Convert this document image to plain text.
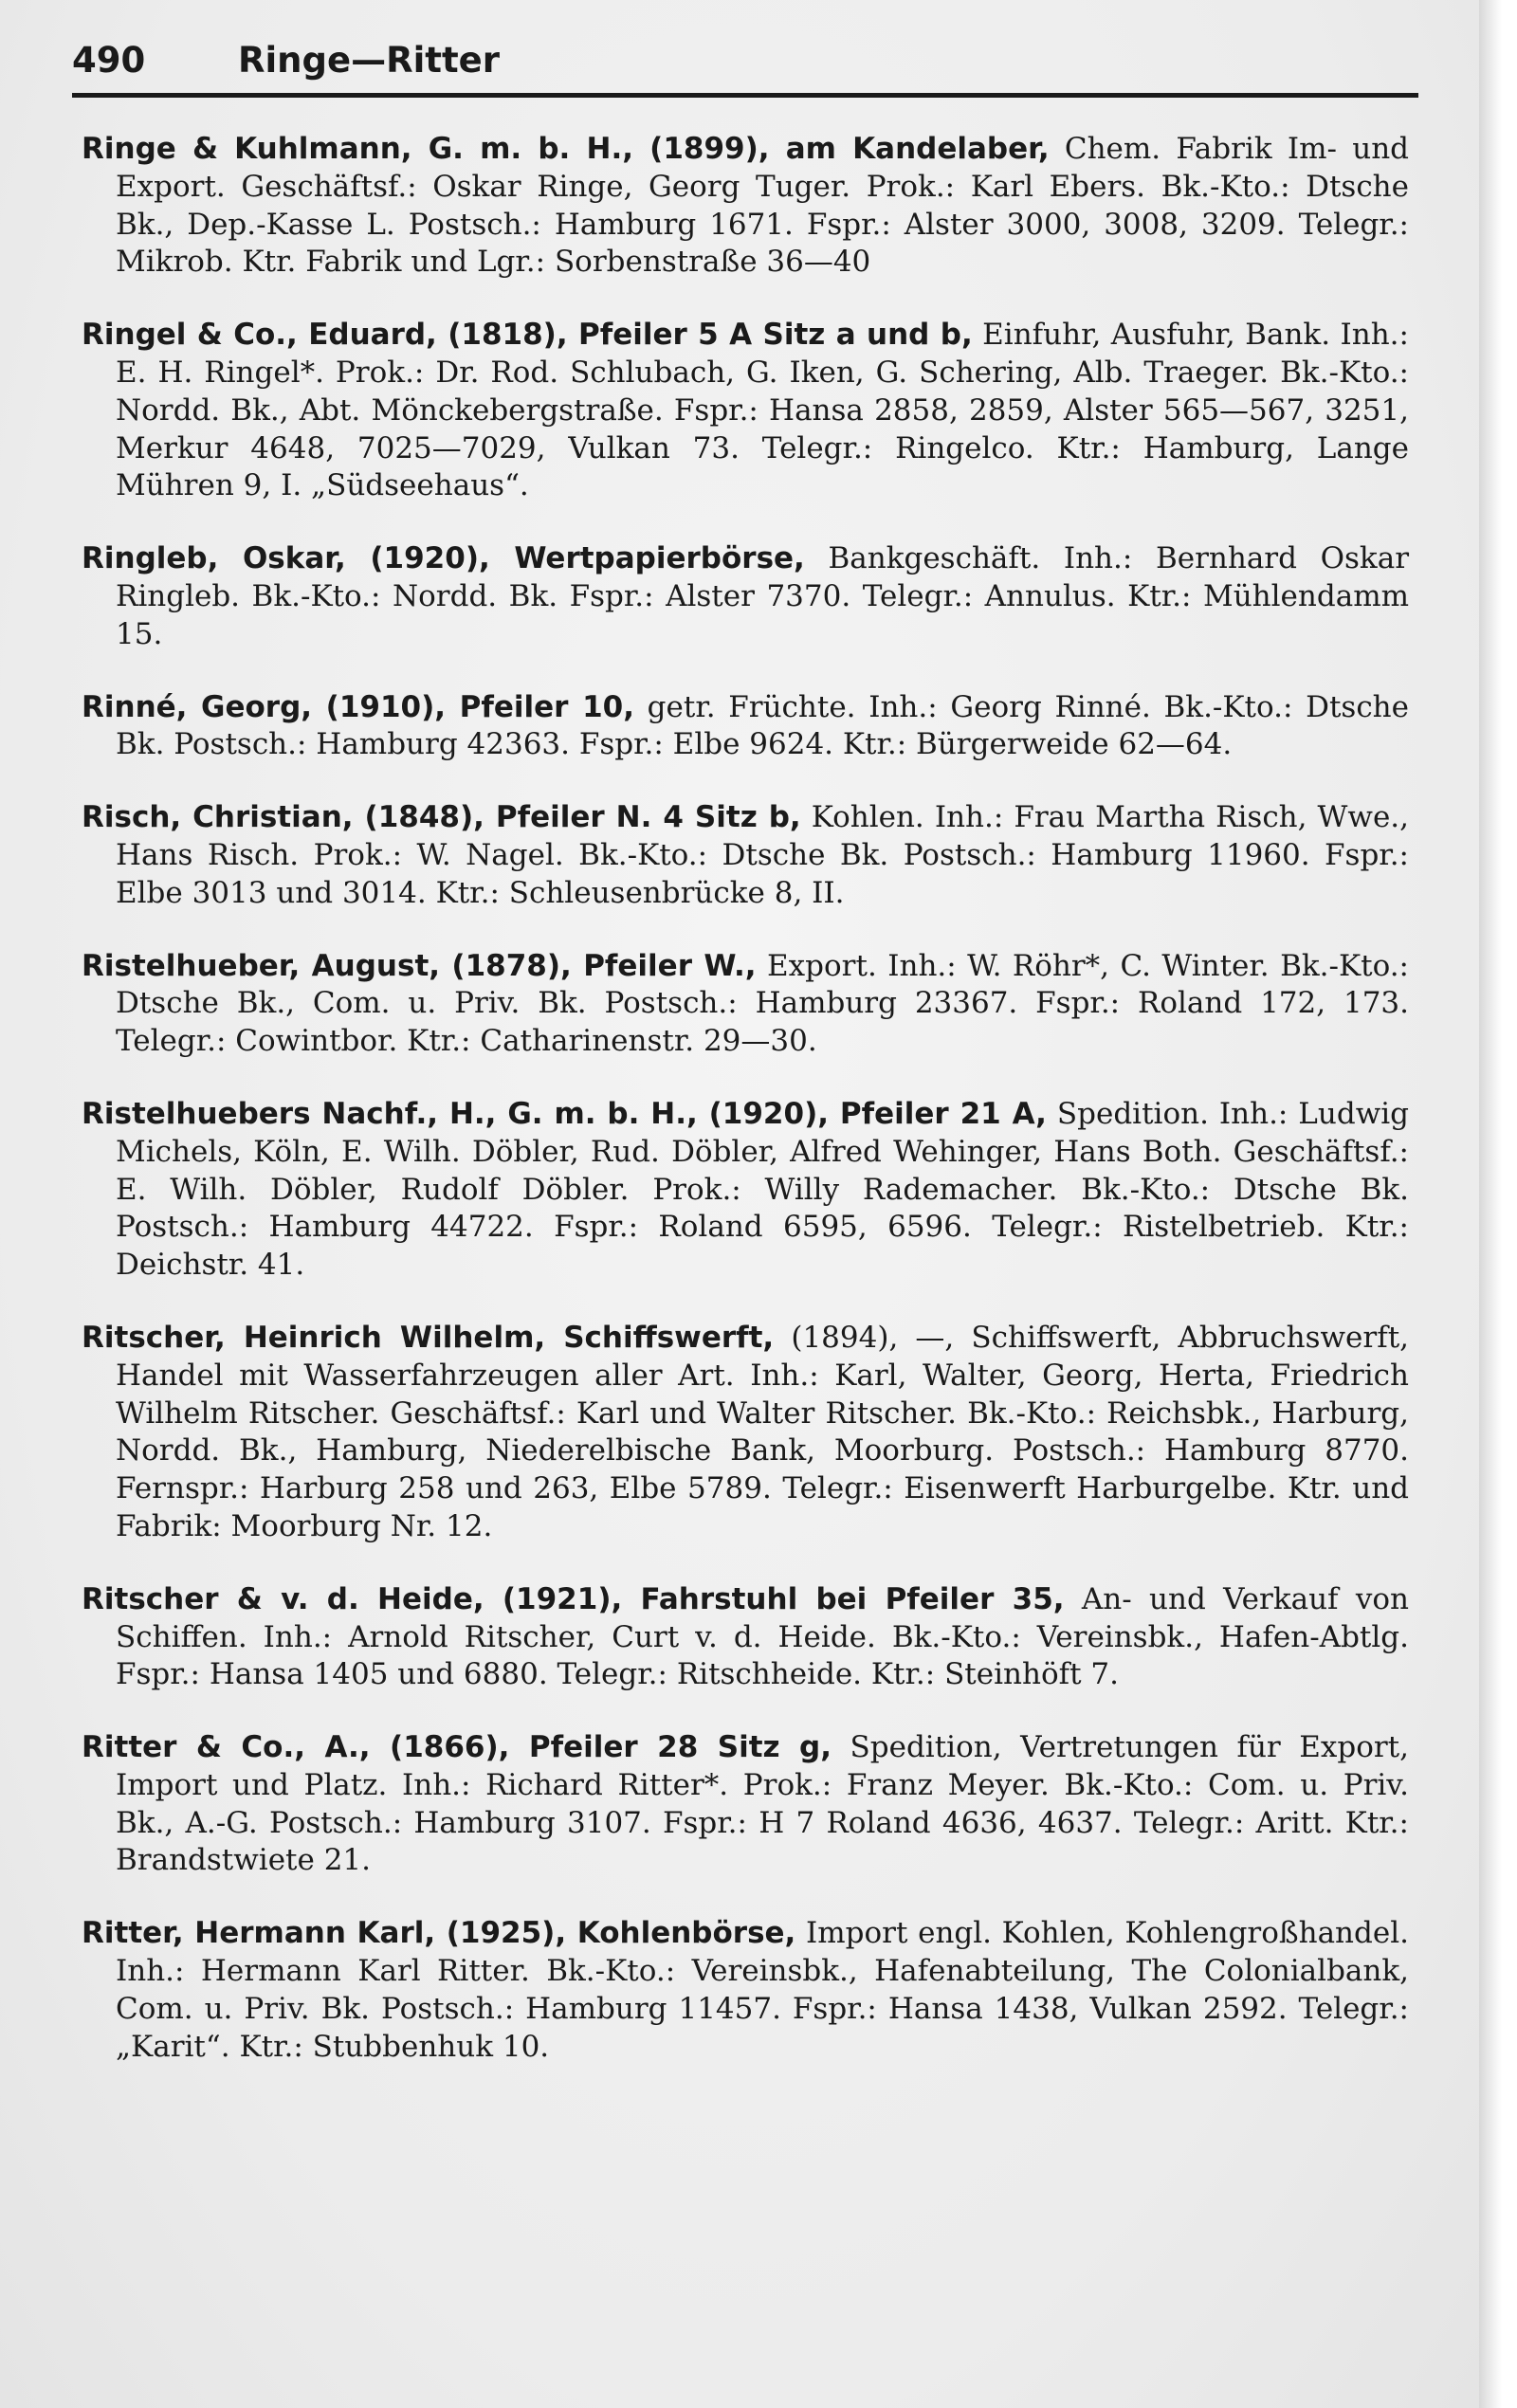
490	Ringe—Ritter

Ringe & Kuhlmann, G. m. b. H., (1899), am Kandelaber, Chem. Fabrik Im- und Export. Geschäftsf.: Oskar Ringe, Georg Tuger. Prok.: Karl Ebers. Bk.-Kto.: Dtsche Bk., Dep.-Kasse L. Postsch.: Hamburg 1671. Fspr.: Alster 3000, 3008, 3209. Telegr.: Mikrob. Ktr. Fabrik und Lgr.: Sorbenstraße 36—40

Ringel & Co., Eduard, (1818), Pfeiler 5 A Sitz a und b, Einfuhr, Ausfuhr, Bank. Inh.: E. H. Ringel*. Prok.: Dr. Rod. Schlubach, G. Iken, G. Schering, Alb. Traeger. Bk.-Kto.: Nordd. Bk., Abt. Mönckebergstraße. Fspr.: Hansa 2858, 2859, Alster 565—567, 3251, Merkur 4648, 7025—7029, Vulkan 73. Telegr.: Ringelco. Ktr.: Hamburg, Lange Mühren 9, I. „Südseehaus“.

Ringleb, Oskar, (1920), Wertpapierbörse, Bankgeschäft. Inh.: Bernhard Oskar Ringleb. Bk.-Kto.: Nordd. Bk. Fspr.: Alster 7370. Telegr.: Annulus. Ktr.: Mühlendamm 15.

Rinné, Georg, (1910), Pfeiler 10, getr. Früchte. Inh.: Georg Rinné. Bk.-Kto.: Dtsche Bk. Postsch.: Hamburg 42363. Fspr.: Elbe 9624. Ktr.: Bürgerweide 62—64.

Risch, Christian, (1848), Pfeiler N. 4 Sitz b, Kohlen. Inh.: Frau Martha Risch, Wwe., Hans Risch. Prok.: W. Nagel. Bk.-Kto.: Dtsche Bk. Postsch.: Hamburg 11960. Fspr.: Elbe 3013 und 3014. Ktr.: Schleusenbrücke 8, II.

Ristelhueber, August, (1878), Pfeiler W., Export. Inh.: W. Röhr*, C. Winter. Bk.-Kto.: Dtsche Bk., Com. u. Priv. Bk. Postsch.: Hamburg 23367. Fspr.: Roland 172, 173. Telegr.: Cowintbor. Ktr.: Catharinenstr. 29—30.

Ristelhuebers Nachf., H., G. m. b. H., (1920), Pfeiler 21 A, Spedition. Inh.: Ludwig Michels, Köln, E. Wilh. Döbler, Rud. Döbler, Alfred Wehinger, Hans Both. Geschäftsf.: E. Wilh. Döbler, Rudolf Döbler. Prok.: Willy Rademacher. Bk.-Kto.: Dtsche Bk. Postsch.: Hamburg 44722. Fspr.: Roland 6595, 6596. Telegr.: Ristelbetrieb. Ktr.: Deichstr. 41.

Ritscher, Heinrich Wilhelm, Schiffswerft, (1894), —, Schiffswerft, Abbruchswerft, Handel mit Wasserfahrzeugen aller Art. Inh.: Karl, Walter, Georg, Herta, Friedrich Wilhelm Ritscher. Geschäftsf.: Karl und Walter Ritscher. Bk.-Kto.: Reichsbk., Harburg, Nordd. Bk., Hamburg, Niederelbische Bank, Moorburg. Postsch.: Hamburg 8770. Fernspr.: Harburg 258 und 263, Elbe 5789. Telegr.: Eisenwerft Harburgelbe. Ktr. und Fabrik: Moorburg Nr. 12.

Ritscher & v. d. Heide, (1921), Fahrstuhl bei Pfeiler 35, An- und Verkauf von Schiffen. Inh.: Arnold Ritscher, Curt v. d. Heide. Bk.-Kto.: Vereinsbk., Hafen-Abtlg. Fspr.: Hansa 1405 und 6880. Telegr.: Ritschheide. Ktr.: Steinhöft 7.

Ritter & Co., A., (1866), Pfeiler 28 Sitz g, Spedition, Vertretungen für Export, Import und Platz. Inh.: Richard Ritter*. Prok.: Franz Meyer. Bk.-Kto.: Com. u. Priv. Bk., A.-G. Postsch.: Hamburg 3107. Fspr.: H 7 Roland 4636, 4637. Telegr.: Aritt. Ktr.: Brandstwiete 21.

Ritter, Hermann Karl, (1925), Kohlenbörse, Import engl. Kohlen, Kohlengroßhandel. Inh.: Hermann Karl Ritter. Bk.-Kto.: Vereinsbk., Hafenabteilung, The Colonialbank, Com. u. Priv. Bk. Postsch.: Hamburg 11457. Fspr.: Hansa 1438, Vulkan 2592. Telegr.: „Karit“. Ktr.: Stubbenhuk 10.
